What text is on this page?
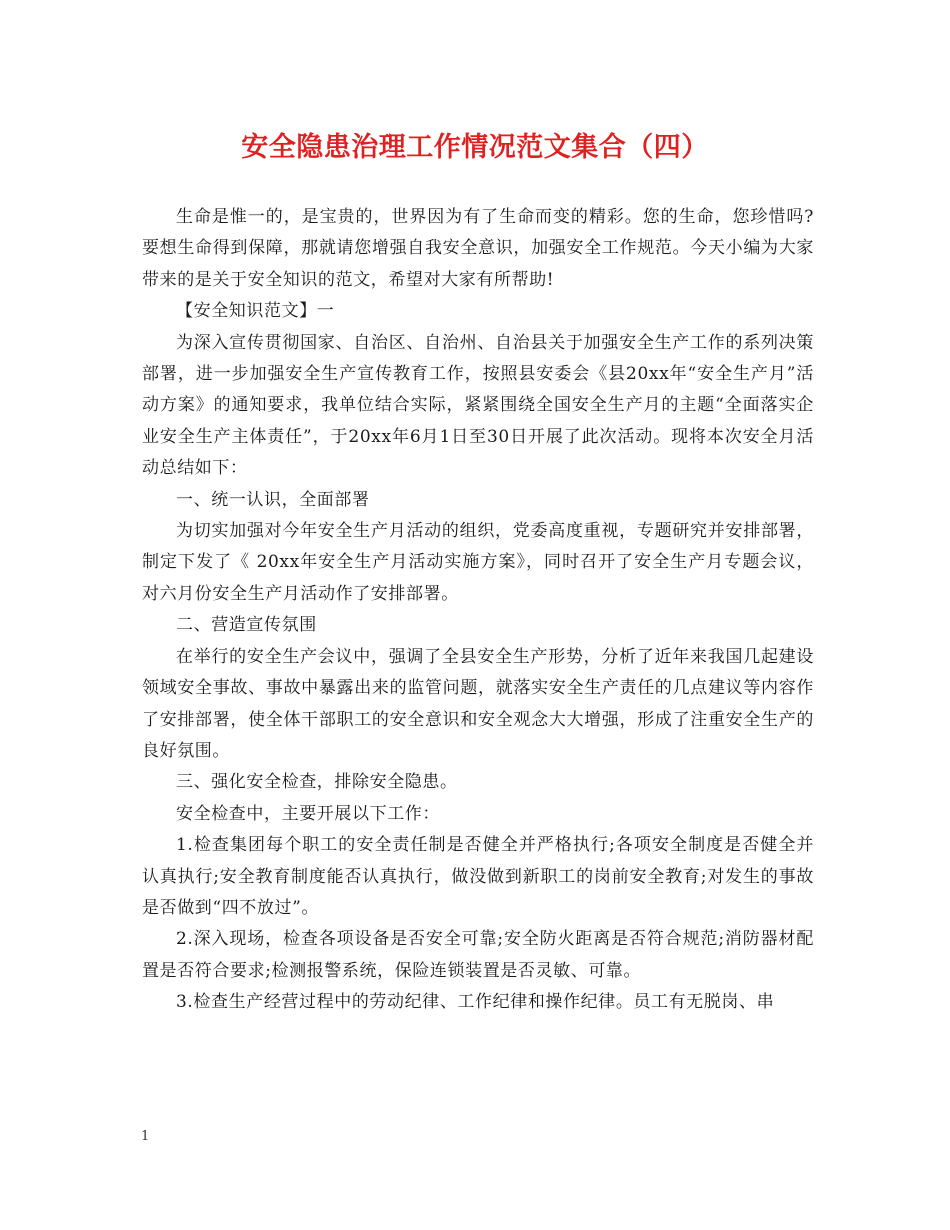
安全隐患治理工作情况范文集合（四）

生命是惟一的，是宝贵的，世界因为有了生命而变的精彩。您的生命，您珍惜吗?要想生命得到保障，那就请您增强自我安全意识，加强安全工作规范。今天小编为大家带来的是关于安全知识的范文，希望对大家有所帮助!

【安全知识范文】一

为深入宣传贯彻国家、自治区、自治州、自治县关于加强安全生产工作的系列决策部署，进一步加强安全生产宣传教育工作，按照县安委会《县20xx年“安全生产月”活动方案》的通知要求，我单位结合实际，紧紧围绕全国安全生产月的主题“全面落实企业安全生产主体责任”，于20xx年6月1日至30日开展了此次活动。现将本次安全月活动总结如下：

一、统一认识，全面部署

为切实加强对今年安全生产月活动的组织，党委高度重视，专题研究并安排部署，制定下发了《 20xx年安全生产月活动实施方案》，同时召开了安全生产月专题会议，对六月份安全生产月活动作了安排部署。

二、营造宣传氛围

在举行的安全生产会议中，强调了全县安全生产形势，分析了近年来我国几起建设领域安全事故、事故中暴露出来的监管问题，就落实安全生产责任的几点建议等内容作了安排部署，使全体干部职工的安全意识和安全观念大大增强，形成了注重安全生产的良好氛围。

三、强化安全检查，排除安全隐患。

安全检查中，主要开展以下工作：

1.检查集团每个职工的安全责任制是否健全并严格执行;各项安全制度是否健全并认真执行;安全教育制度能否认真执行，做没做到新职工的岗前安全教育;对发生的事故是否做到“四不放过”。

2.深入现场，检查各项设备是否安全可靠;安全防火距离是否符合规范;消防器材配置是否符合要求;检测报警系统，保险连锁装置是否灵敏、可靠。

3.检查生产经营过程中的劳动纪律、工作纪律和操作纪律。员工有无脱岗、串

1
